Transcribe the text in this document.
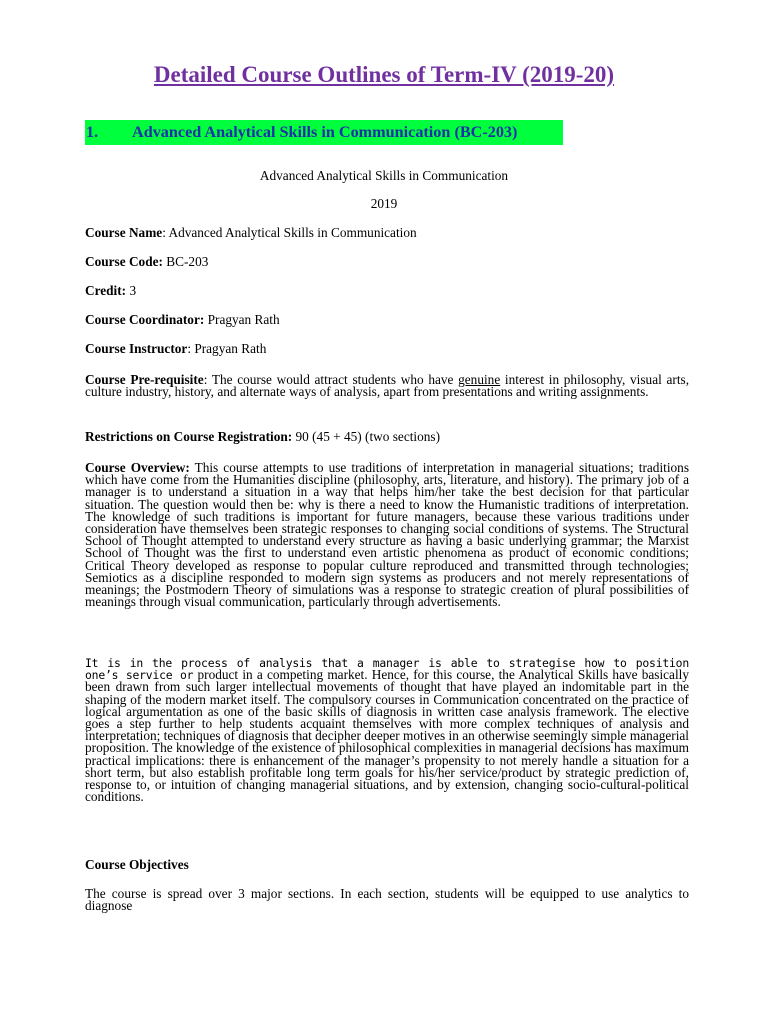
Detailed Course Outlines of Term-IV (2019-20)
1. Advanced Analytical Skills in Communication (BC-203)
Advanced Analytical Skills in Communication
2019
Course Name: Advanced Analytical Skills in Communication
Course Code: BC-203
Credit: 3
Course Coordinator: Pragyan Rath
Course Instructor: Pragyan Rath
Course Pre-requisite: The course would attract students who have genuine interest in philosophy, visual arts, culture industry, history, and alternate ways of analysis, apart from presentations and writing assignments.
Restrictions on Course Registration: 90 (45 + 45) (two sections)
Course Overview: This course attempts to use traditions of interpretation in managerial situations; traditions which have come from the Humanities discipline (philosophy, arts, literature, and history). The primary job of a manager is to understand a situation in a way that helps him/her take the best decision for that particular situation. The question would then be: why is there a need to know the Humanistic traditions of interpretation. The knowledge of such traditions is important for future managers, because these various traditions under consideration have themselves been strategic responses to changing social conditions of systems. The Structural School of Thought attempted to understand every structure as having a basic underlying grammar; the Marxist School of Thought was the first to understand even artistic phenomena as product of economic conditions; Critical Theory developed as response to popular culture reproduced and transmitted through technologies; Semiotics as a discipline responded to modern sign systems as producers and not merely representations of meanings; the Postmodern Theory of simulations was a response to strategic creation of plural possibilities of meanings through visual communication, particularly through advertisements.
It is in the process of analysis that a manager is able to strategise how to position one’s service or product in a competing market. Hence, for this course, the Analytical Skills have basically been drawn from such larger intellectual movements of thought that have played an indomitable part in the shaping of the modern market itself. The compulsory courses in Communication concentrated on the practice of logical argumentation as one of the basic skills of diagnosis in written case analysis framework. The elective goes a step further to help students acquaint themselves with more complex techniques of analysis and interpretation; techniques of diagnosis that decipher deeper motives in an otherwise seemingly simple managerial proposition. The knowledge of the existence of philosophical complexities in managerial decisions has maximum practical implications: there is enhancement of the manager’s propensity to not merely handle a situation for a short term, but also establish profitable long term goals for his/her service/product by strategic prediction of, response to, or intuition of changing managerial situations, and by extension, changing socio-cultural-political conditions.
Course Objectives
The course is spread over 3 major sections. In each section, students will be equipped to use analytics to diagnose
